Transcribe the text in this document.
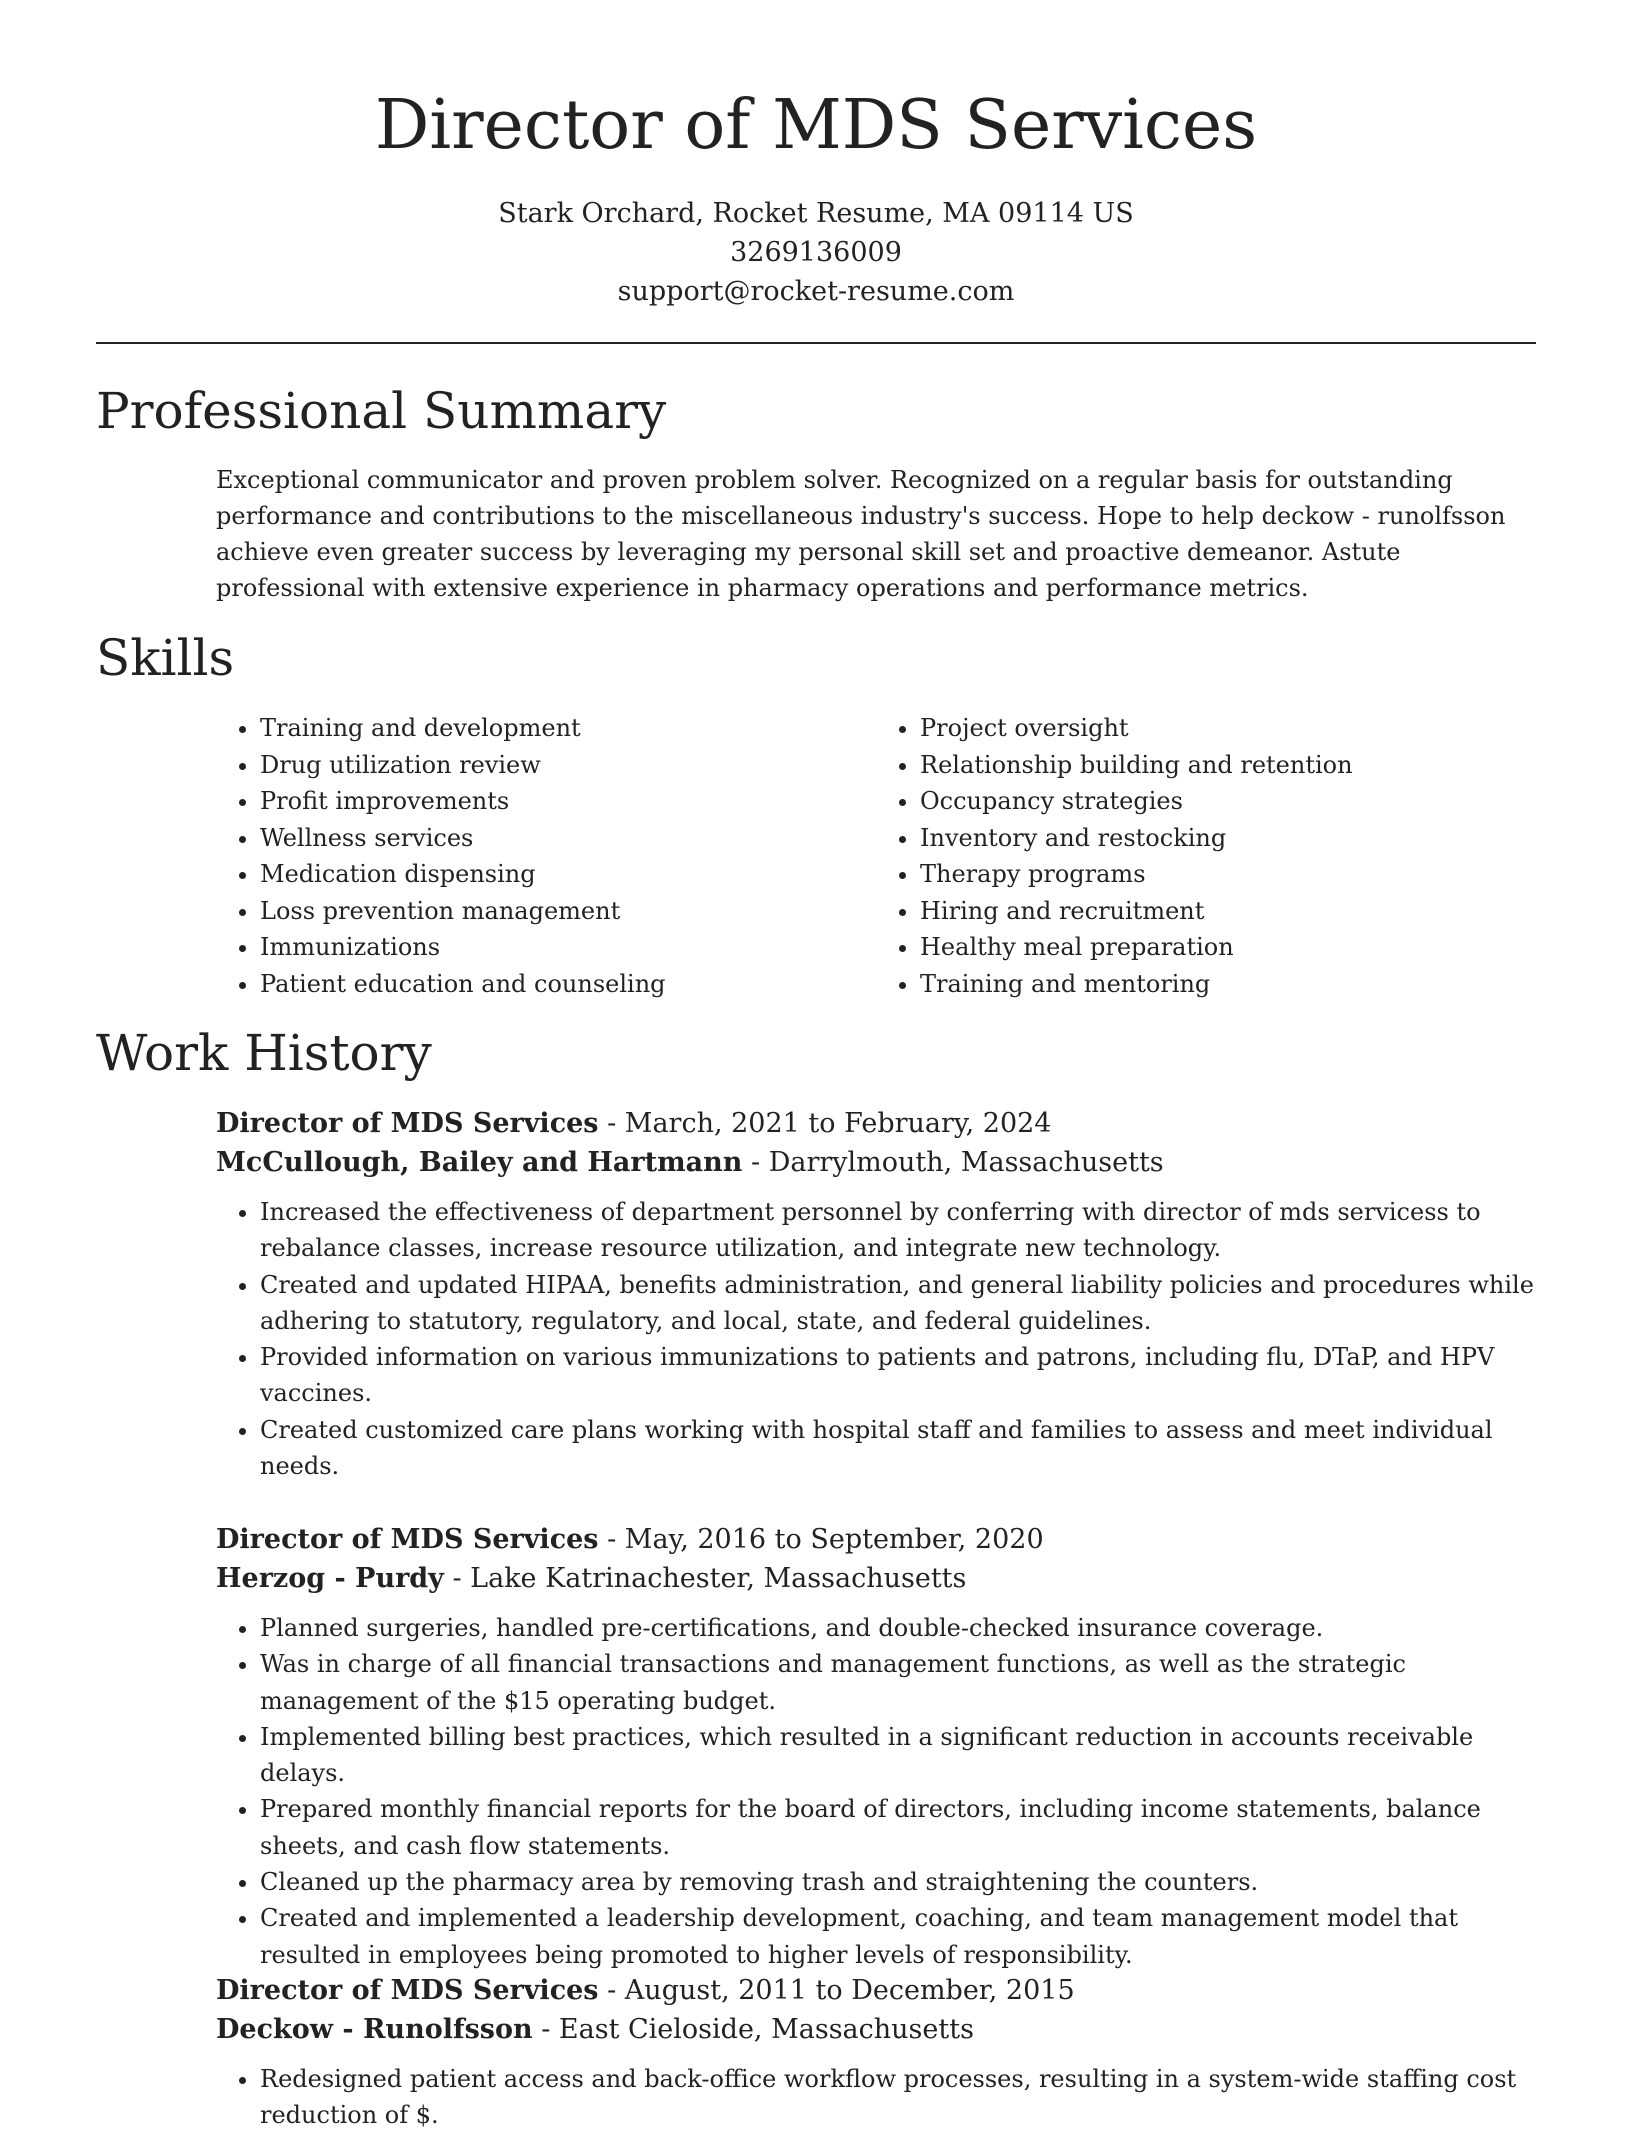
Director of MDS Services
Stark Orchard, Rocket Resume, MA 09114 US
3269136009
support@rocket-resume.com
Professional Summary
Exceptional communicator and proven problem solver. Recognized on a regular basis for outstanding performance and contributions to the miscellaneous industry's success. Hope to help deckow - runolfsson achieve even greater success by leveraging my personal skill set and proactive demeanor. Astute professional with extensive experience in pharmacy operations and performance metrics.
Skills
• Training and development
• Drug utilization review
• Profit improvements
• Wellness services
• Medication dispensing
• Loss prevention management
• Immunizations
• Patient education and counseling
• Project oversight
• Relationship building and retention
• Occupancy strategies
• Inventory and restocking
• Therapy programs
• Hiring and recruitment
• Healthy meal preparation
• Training and mentoring
Work History
Director of MDS Services - March, 2021 to February, 2024
McCullough, Bailey and Hartmann - Darrylmouth, Massachusetts
• Increased the effectiveness of department personnel by conferring with director of mds servicess to rebalance classes, increase resource utilization, and integrate new technology.
• Created and updated HIPAA, benefits administration, and general liability policies and procedures while adhering to statutory, regulatory, and local, state, and federal guidelines.
• Provided information on various immunizations to patients and patrons, including flu, DTaP, and HPV vaccines.
• Created customized care plans working with hospital staff and families to assess and meet individual needs.
Director of MDS Services - May, 2016 to September, 2020
Herzog - Purdy - Lake Katrinachester, Massachusetts
• Planned surgeries, handled pre-certifications, and double-checked insurance coverage.
• Was in charge of all financial transactions and management functions, as well as the strategic management of the $15 operating budget.
• Implemented billing best practices, which resulted in a significant reduction in accounts receivable delays.
• Prepared monthly financial reports for the board of directors, including income statements, balance sheets, and cash flow statements.
• Cleaned up the pharmacy area by removing trash and straightening the counters.
• Created and implemented a leadership development, coaching, and team management model that resulted in employees being promoted to higher levels of responsibility.
Director of MDS Services - August, 2011 to December, 2015
Deckow - Runolfsson - East Cieloside, Massachusetts
• Redesigned patient access and back-office workflow processes, resulting in a system-wide staffing cost reduction of $.
